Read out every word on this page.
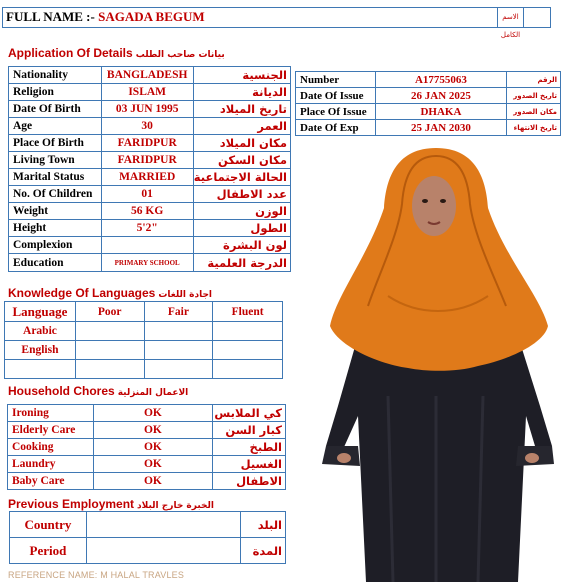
FULL NAME :- SAGADA BEGUM	الاسم الكامل
Application Of Details بيانات صاحب الطلب
Nationality	BANGLADESH	الجنسية
Religion	ISLAM	الديانة
Date Of Birth	03 JUN 1995	تاريخ الميلاد
Age	30	العمر
Place Of Birth	FARIDPUR	مكان الميلاد
Living Town	FARIDPUR	مكان السكن
Marital Status	MARRIED	الحالة الاجتماعية
No. Of Children	01	عدد الاطفال
Weight	56 KG	الوزن
Height	5'2"	الطول
Complexion		لون البشرة
Education	PRIMARY SCHOOL	الدرجة العلمية
Number	A17755063	الرقم
Date Of Issue	26 JAN 2025	تاريخ الصدور
Place Of Issue	DHAKA	مكان الصدور
Date Of Exp	25 JAN 2030	تاريخ الانتهاء
Knowledge Of Languages اجادة اللغات
Language	Poor	Fair	Fluent
Arabic			
English			

Household Chores الاعمال المنزلية
Ironing	OK	كي الملابس
Elderly Care	OK	كبار السن
Cooking	OK	الطبخ
Laundry	OK	الغسيل
Baby Care	OK	الاطفال
Previous Employment الخبرة خارج البلاد
Country		البلد
Period		المدة
REFERENCE NAME: M HALAL TRAVLES
